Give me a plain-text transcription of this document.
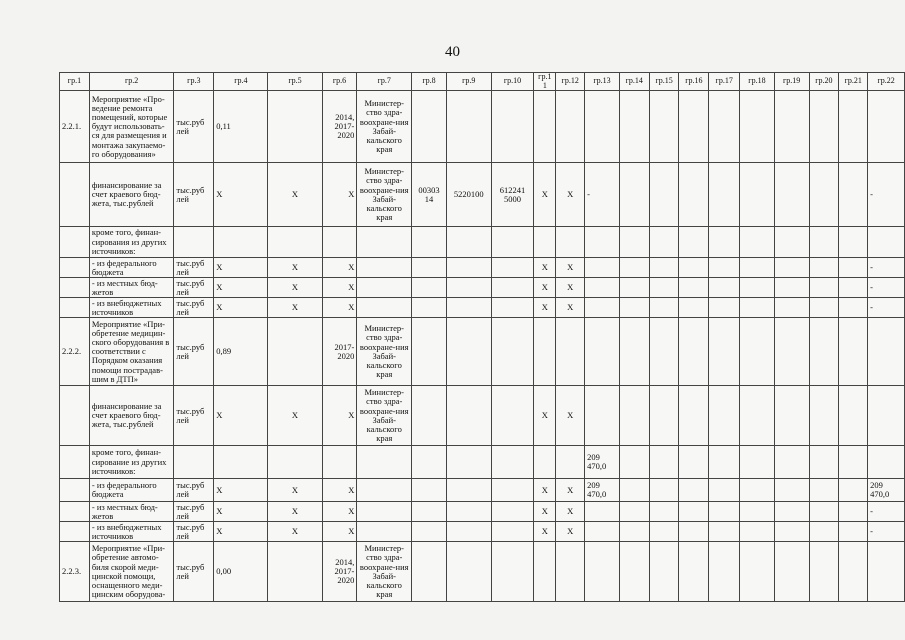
40
гр.1	гр.2	гр.3	гр.4	гр.5	гр.6	гр.7	гр.8	гр.9	гр.10	гр.1 1	гр.12	гр.13	гр.14	гр.15	гр.16	гр.17	гр.18	гр.19	гр.20	гр.21	гр.22
2.2.1.	Мероприятие «Про-ведение ремонта помещений, которые будут использовать-ся для размещения и монтажа закупаемо-го оборудования»	тыс.руб лей	0,11		2014, 2017-2020	Министер-ство здра-воохране-ния Забай-кальского края															
	финансирование за счет краевого бюд-жета, тыс.рублей	тыс.руб лей	X	X	X	Министер-ство здра-воохране-ния Забай-кальского края	00303 14	5220100	612241 5000	X	X	-									-
	кроме того, финан-сирования из других источников:																				
	- из федерального бюджета	тыс.руб лей	X	X	X					X	X										-
	- из местных бюд-жетов	тыс.руб лей	X	X	X					X	X										-
	- из внебюджетных источников	тыс.руб лей	X	X	X					X	X										-
2.2.2.	Мероприятие «При-обретение медицин-ского оборудования в соответствии с Порядком оказания помощи пострадав-шим в ДТП»	тыс.руб лей	0,89		2017-2020	Министер-ство здра-воохране-ния Забай-кальского края															
	финансирование за счет краевого бюд-жета, тыс.рублей	тыс.руб лей	X	X	X	Министер-ство здра-воохране-ния Забай-кальского края				X	X										
	кроме того, финан-сирование из других источников:											209 470,0									
	- из федерального бюджета	тыс.руб лей	X	X	X					X	X	209 470,0									209 470,0
	- из местных бюд-жетов	тыс.руб лей	X	X	X					X	X										-
	- из внебюджетных источников	тыс.руб лей	X	X	X					X	X										-
2.2.3.	Мероприятие «При-обретение автомо-биля скорой меди-цинской помощи, оснащенного меди-цинским оборудова-	тыс.руб лей	0,00		2014, 2017-2020	Министер-ство здра-воохране-ния Забай-кальского края															
